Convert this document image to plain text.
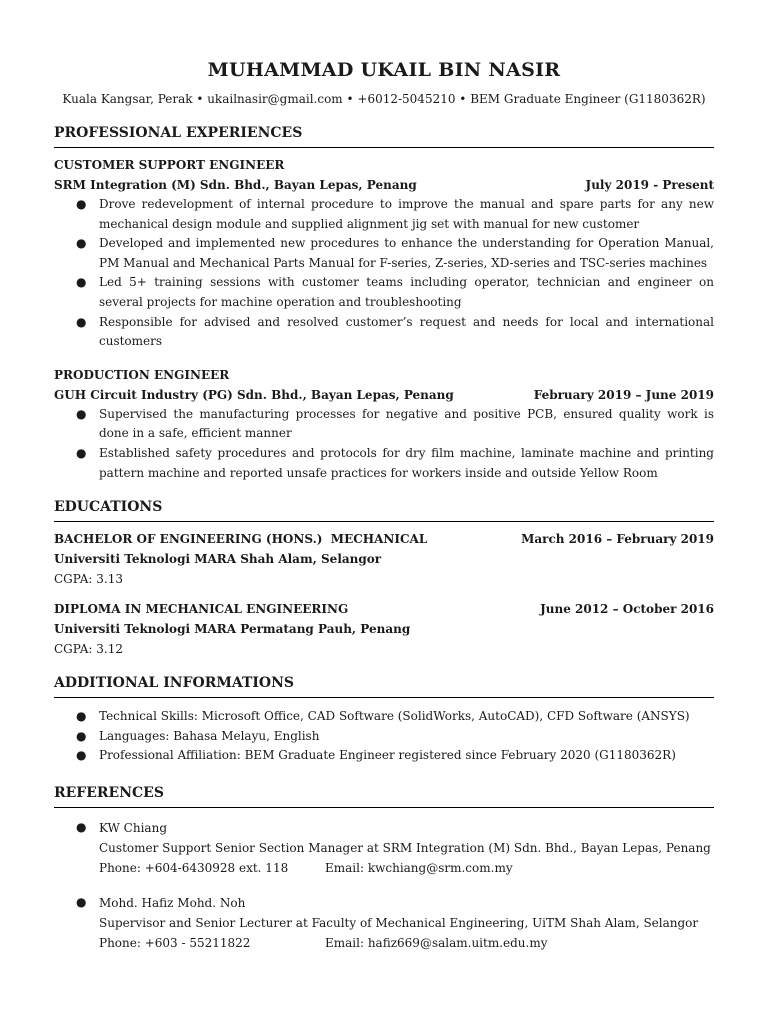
MUHAMMAD UKAIL BIN NASIR
Kuala Kangsar, Perak • ukailnasir@gmail.com • +6012-5045210 • BEM Graduate Engineer (G1180362R)
PROFESSIONAL EXPERIENCES
CUSTOMER SUPPORT ENGINEER
SRM Integration (M) Sdn. Bhd., Bayan Lepas, Penang	July 2019 - Present
● Drove redevelopment of internal procedure to improve the manual and spare parts for any new mechanical design module and supplied alignment jig set with manual for new customer
● Developed and implemented new procedures to enhance the understanding for Operation Manual, PM Manual and Mechanical Parts Manual for F-series, Z-series, XD-series and TSC-series machines
● Led 5+ training sessions with customer teams including operator, technician and engineer on several projects for machine operation and troubleshooting
● Responsible for advised and resolved customer’s request and needs for local and international customers
PRODUCTION ENGINEER
GUH Circuit Industry (PG) Sdn. Bhd., Bayan Lepas, Penang	February 2019 – June 2019
● Supervised the manufacturing processes for negative and positive PCB, ensured quality work is done in a safe, efficient manner
● Established safety procedures and protocols for dry film machine, laminate machine and printing pattern machine and reported unsafe practices for workers inside and outside Yellow Room
EDUCATIONS
BACHELOR OF ENGINEERING (HONS.)  MECHANICAL	March 2016 – February 2019
Universiti Teknologi MARA Shah Alam, Selangor
CGPA: 3.13
DIPLOMA IN MECHANICAL ENGINEERING	June 2012 – October 2016
Universiti Teknologi MARA Permatang Pauh, Penang
CGPA: 3.12
ADDITIONAL INFORMATIONS
● Technical Skills: Microsoft Office, CAD Software (SolidWorks, AutoCAD), CFD Software (ANSYS)
● Languages: Bahasa Melayu, English
● Professional Affiliation: BEM Graduate Engineer registered since February 2020 (G1180362R)
REFERENCES
● KW Chiang
Customer Support Senior Section Manager at SRM Integration (M) Sdn. Bhd., Bayan Lepas, Penang
Phone: +604-6430928 ext. 118	Email: kwchiang@srm.com.my
● Mohd. Hafiz Mohd. Noh
Supervisor and Senior Lecturer at Faculty of Mechanical Engineering, UiTM Shah Alam, Selangor
Phone: +603 - 55211822	Email: hafiz669@salam.uitm.edu.my
